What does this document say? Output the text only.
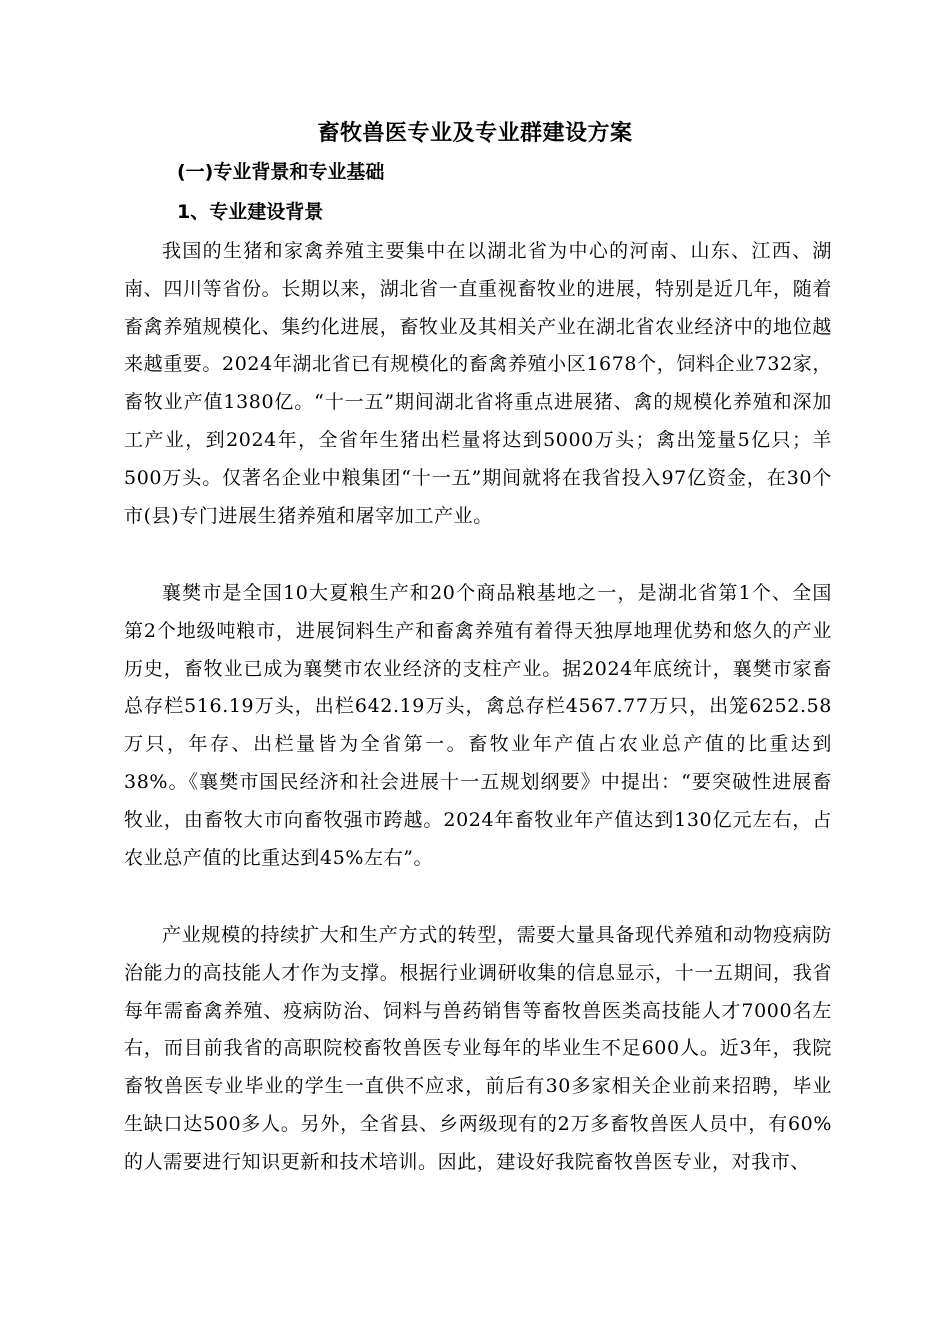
畜牧兽医专业及专业群建设方案
(一)专业背景和专业基础
1、专业建设背景
我国的生猪和家禽养殖主要集中在以湖北省为中心的河南、山东、江西、湖南、四川等省份。长期以来，湖北省一直重视畜牧业的进展，特别是近几年，随着畜禽养殖规模化、集约化进展，畜牧业及其相关产业在湖北省农业经济中的地位越来越重要。2024年湖北省已有规模化的畜禽养殖小区1678个，饲料企业732家，畜牧业产值1380亿。“十一五”期间湖北省将重点进展猪、禽的规模化养殖和深加工产业，到2024年，全省年生猪出栏量将达到5000万头；禽出笼量5亿只；羊500万头。仅著名企业中粮集团“十一五”期间就将在我省投入97亿资金，在30个市(县)专门进展生猪养殖和屠宰加工产业。
襄樊市是全国10大夏粮生产和20个商品粮基地之一，是湖北省第1个、全国第2个地级吨粮市，进展饲料生产和畜禽养殖有着得天独厚地理优势和悠久的产业历史，畜牧业已成为襄樊市农业经济的支柱产业。据2024年底统计，襄樊市家畜总存栏516.19万头，出栏642.19万头，禽总存栏4567.77万只，出笼6252.58万只，年存、出栏量皆为全省第一。畜牧业年产值占农业总产值的比重达到38%。《襄樊市国民经济和社会进展十一五规划纲要》中提出：“要突破性进展畜牧业，由畜牧大市向畜牧强市跨越。2024年畜牧业年产值达到130亿元左右，占农业总产值的比重达到45%左右”。
产业规模的持续扩大和生产方式的转型，需要大量具备现代养殖和动物疫病防治能力的高技能人才作为支撑。根据行业调研收集的信息显示，十一五期间，我省每年需畜禽养殖、疫病防治、饲料与兽药销售等畜牧兽医类高技能人才7000名左右，而目前我省的高职院校畜牧兽医专业每年的毕业生不足600人。近3年，我院畜牧兽医专业毕业的学生一直供不应求，前后有30多家相关企业前来招聘，毕业生缺口达500多人。另外，全省县、乡两级现有的2万多畜牧兽医人员中，有60%的人需要进行知识更新和技术培训。因此，建设好我院畜牧兽医专业，对我市、
